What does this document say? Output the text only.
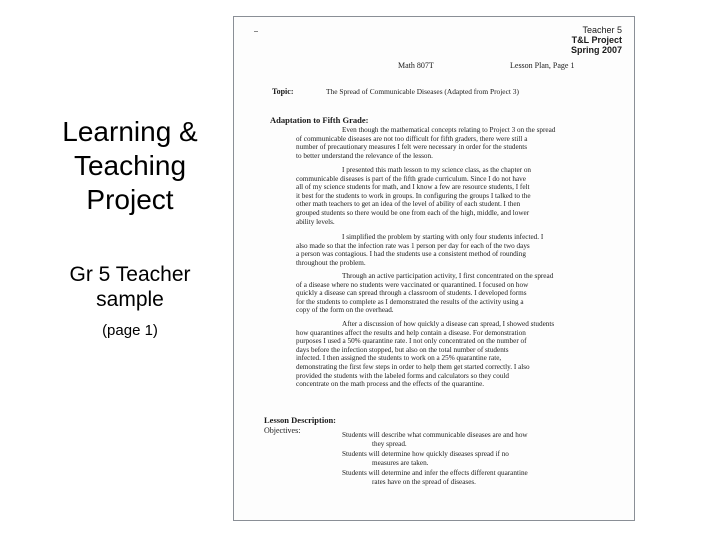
Learning &
Teaching
Project
Gr 5 Teacher
sample
(page 1)
Teacher 5
T&L Project
Spring 2007
Math 807T	Lesson Plan, Page 1
Topic:	The Spread of Communicable Diseases (Adapted from Project 3)
Adaptation to Fifth Grade:
Even though the mathematical concepts relating to Project 3 on the spread
of communicable diseases are not too difficult for fifth graders, there were still a
number of precautionary measures I felt were necessary in order for the students
to better understand the relevance of the lesson.
I presented this math lesson to my science class, as the chapter on
communicable diseases is part of the fifth grade curriculum. Since I do not have
all of my science students for math, and I know a few are resource students, I felt
it best for the students to work in groups. In configuring the groups I talked to the
other math teachers to get an idea of the level of ability of each student. I then
grouped students so there would be one from each of the high, middle, and lower
ability levels.
I simplified the problem by starting with only four students infected. I
also made so that the infection rate was 1 person per day for each of the two days
a person was contagious. I had the students use a consistent method of rounding
throughout the problem.
Through an active participation activity, I first concentrated on the spread
of a disease where no students were vaccinated or quarantined. I focused on how
quickly a disease can spread through a classroom of students. I developed forms
for the students to complete as I demonstrated the results of the activity using a
copy of the form on the overhead.
After a discussion of how quickly a disease can spread, I showed students
how quarantines affect the results and help contain a disease. For demonstration
purposes I used a 50% quarantine rate. I not only concentrated on the number of
days before the infection stopped, but also on the total number of students
infected. I then assigned the students to work on a 25% quarantine rate,
demonstrating the first few steps in order to help them get started correctly. I also
provided the students with the labeled forms and calculators so they could
concentrate on the math process and the effects of the quarantine.
Lesson Description:
Objectives:	Students will describe what communicable diseases are and how
they spread.
Students will determine how quickly diseases spread if no
measures are taken.
Students will determine and infer the effects different quarantine
rates have on the spread of diseases.
